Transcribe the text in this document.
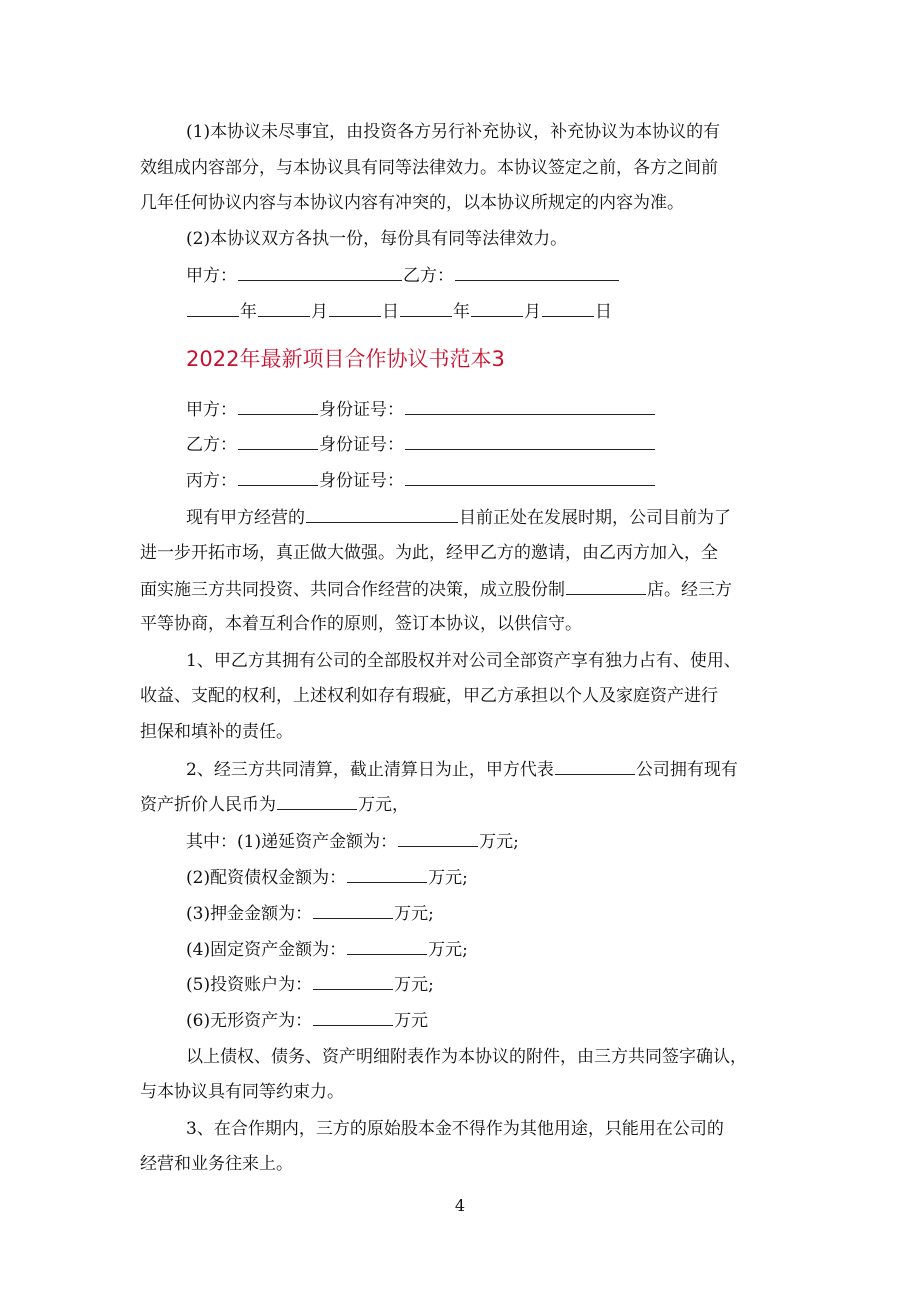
(1)本协议未尽事宜，由投资各方另行补充协议，补充协议为本协议的有
效组成内容部分，与本协议具有同等法律效力。本协议签定之前，各方之间前
几年任何协议内容与本协议内容有冲突的，以本协议所规定的内容为准。
(2)本协议双方各执一份，每份具有同等法律效力。
甲方：	乙方：
年	月	日	年	月	日
2022年最新项目合作协议书范本3
甲方：	身份证号：
乙方：	身份证号：
丙方：	身份证号：
现有甲方经营的	目前正处在发展时期，公司目前为了
进一步开拓市场，真正做大做强。为此，经甲乙方的邀请，由乙丙方加入，全
面实施三方共同投资、共同合作经营的决策，成立股份制	店。经三方
平等协商，本着互利合作的原则，签订本协议，以供信守。
1、甲乙方其拥有公司的全部股权并对公司全部资产享有独力占有、使用、
收益、支配的权利，上述权利如存有瑕疵，甲乙方承担以个人及家庭资产进行
担保和填补的责任。
2、经三方共同清算，截止清算日为止，甲方代表	公司拥有现有
资产折价人民币为	万元，
其中：(1)递延资产金额为：	万元;
(2)配资债权金额为：	万元;
(3)押金金额为：	万元;
(4)固定资产金额为：	万元;
(5)投资账户为：	万元;
(6)无形资产为：	万元
以上债权、债务、资产明细附表作为本协议的附件，由三方共同签字确认，
与本协议具有同等约束力。
3、在合作期内，三方的原始股本金不得作为其他用途，只能用在公司的
经营和业务往来上。
4
